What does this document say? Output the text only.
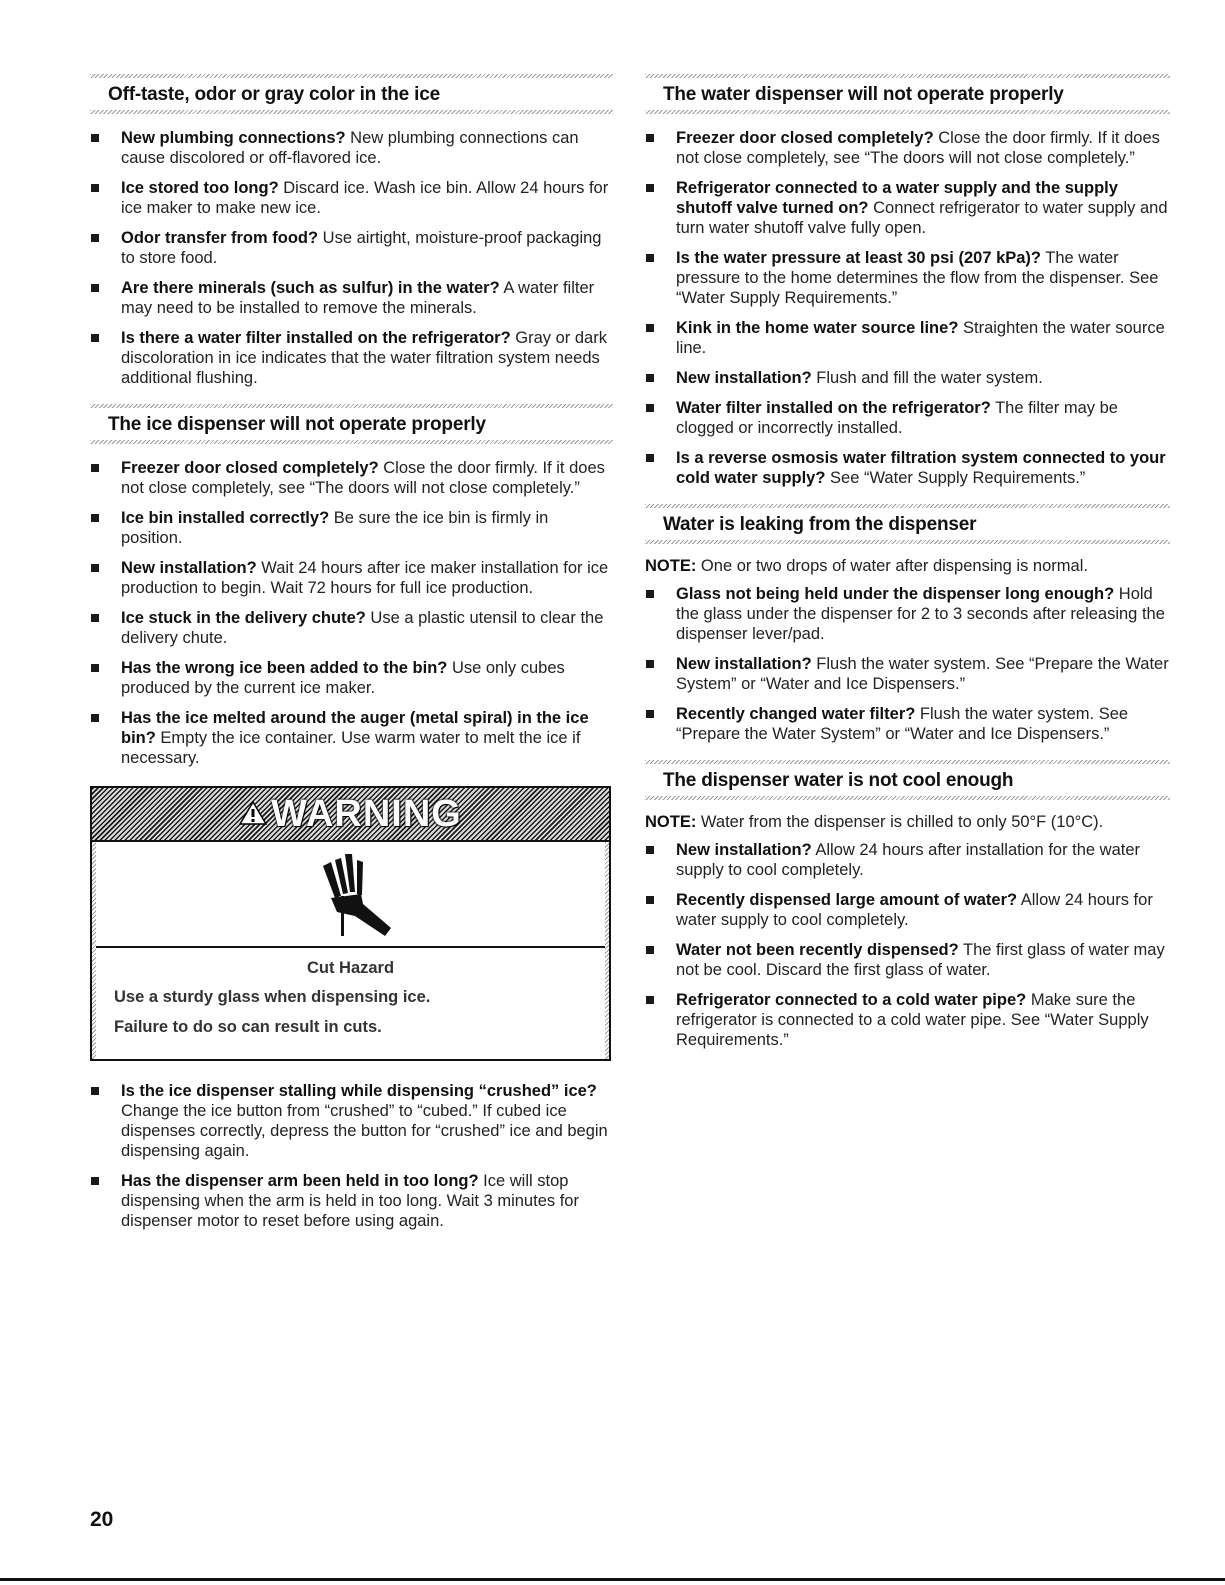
Off-taste, odor or gray color in the ice
New plumbing connections? New plumbing connections can cause discolored or off-flavored ice.
Ice stored too long? Discard ice. Wash ice bin. Allow 24 hours for ice maker to make new ice.
Odor transfer from food? Use airtight, moisture-proof packaging to store food.
Are there minerals (such as sulfur) in the water? A water filter may need to be installed to remove the minerals.
Is there a water filter installed on the refrigerator? Gray or dark discoloration in ice indicates that the water filtration system needs additional flushing.
The ice dispenser will not operate properly
Freezer door closed completely? Close the door firmly. If it does not close completely, see “The doors will not close completely.”
Ice bin installed correctly? Be sure the ice bin is firmly in position.
New installation? Wait 24 hours after ice maker installation for ice production to begin. Wait 72 hours for full ice production.
Ice stuck in the delivery chute? Use a plastic utensil to clear the delivery chute.
Has the wrong ice been added to the bin? Use only cubes produced by the current ice maker.
Has the ice melted around the auger (metal spiral) in the ice bin? Empty the ice container. Use warm water to melt the ice if necessary.
WARNING
Cut Hazard
Use a sturdy glass when dispensing ice.
Failure to do so can result in cuts.
Is the ice dispenser stalling while dispensing “crushed” ice? Change the ice button from “crushed” to “cubed.” If cubed ice dispenses correctly, depress the button for “crushed” ice and begin dispensing again.
Has the dispenser arm been held in too long? Ice will stop dispensing when the arm is held in too long. Wait 3 minutes for dispenser motor to reset before using again.
The water dispenser will not operate properly
Freezer door closed completely? Close the door firmly. If it does not close completely, see “The doors will not close completely.”
Refrigerator connected to a water supply and the supply shutoff valve turned on? Connect refrigerator to water supply and turn water shutoff valve fully open.
Is the water pressure at least 30 psi (207 kPa)? The water pressure to the home determines the flow from the dispenser. See “Water Supply Requirements.”
Kink in the home water source line? Straighten the water source line.
New installation? Flush and fill the water system.
Water filter installed on the refrigerator? The filter may be clogged or incorrectly installed.
Is a reverse osmosis water filtration system connected to your cold water supply? See “Water Supply Requirements.”
Water is leaking from the dispenser
NOTE: One or two drops of water after dispensing is normal.
Glass not being held under the dispenser long enough? Hold the glass under the dispenser for 2 to 3 seconds after releasing the dispenser lever/pad.
New installation? Flush the water system. See “Prepare the Water System” or “Water and Ice Dispensers.”
Recently changed water filter? Flush the water system. See “Prepare the Water System” or “Water and Ice Dispensers.”
The dispenser water is not cool enough
NOTE: Water from the dispenser is chilled to only 50°F (10°C).
New installation? Allow 24 hours after installation for the water supply to cool completely.
Recently dispensed large amount of water? Allow 24 hours for water supply to cool completely.
Water not been recently dispensed? The first glass of water may not be cool. Discard the first glass of water.
Refrigerator connected to a cold water pipe? Make sure the refrigerator is connected to a cold water pipe. See “Water Supply Requirements.”
20
